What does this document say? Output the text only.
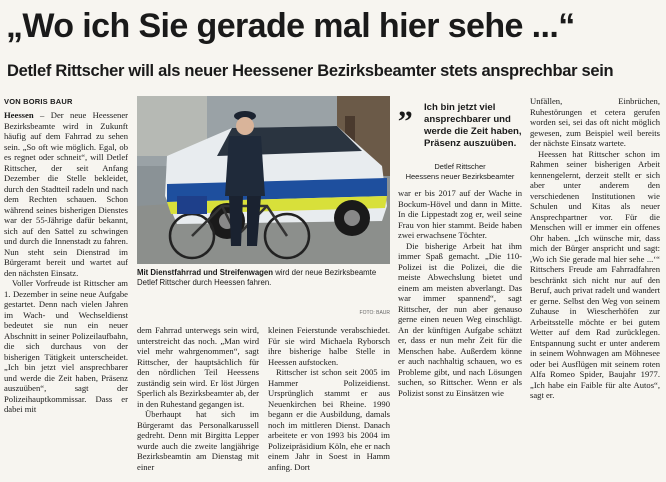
„Wo ich Sie gerade mal hier sehe ...“
Detlef Rittscher will als neuer Heessener Bezirksbeamter stets ansprechbar sein
VON BORIS BAUR

Heessen – Der neue Heessener Bezirksbeamte wird in Zukunft häufig auf dem Fahrrad zu sehen sein. „So oft wie möglich. Egal, ob es regnet oder schneit“, will Detlef Rittscher, der seit Anfang Dezember die Stelle bekleidet, durch den Stadtteil radeln und nach dem Rechten schauen. Schon während seines bisherigen Dienstes war der 55-Jährige dafür bekannt, sich auf den Sattel zu schwingen und durch die Innenstadt zu fahren. Nun steht sein Dienstrad im Bürgeramt bereit und wartet auf den nächsten Einsatz.

Voller Vorfreude ist Rittscher am 1. Dezember in seine neue Aufgabe gestartet. Denn nach vielen Jahren im Wach- und Wechseldienst bedeutet sie nun ein neuer Abschnitt in seiner Polizeilaufbahn, die sich durchaus von der bisherigen Tätigkeit unterscheidet. „Ich bin jetzt viel ansprechbarer und werde die Zeit haben, Präsenz auszuüben“, sagt der Polizeihauptkommissar. Dass er dabei mit

Mit Dienstfahrrad und Streifenwagen wird der neue Bezirksbeamte Detlef Rittscher durch Heessen fahren.
FOTO: BAUR

dem Fahrrad unterwegs sein wird, unterstreicht das noch. „Man wird viel mehr wahrgenommen“, sagt Rittscher, der hauptsächlich für den nördlichen Teil Heessens zuständig sein wird. Er löst Jürgen Sperlich als Bezirksbeamter ab, der in den Ruhestand gegangen ist.

Überhaupt hat sich im Bürgeramt das Personalkarussell gedreht. Denn mit Birgitta Lepper wurde auch die zweite langjährige Bezirksbeamtin am Dienstag mit einer

kleinen Feierstunde verabschiedet. Für sie wird Michaela Ryborsch ihre bisherige halbe Stelle in Heessen aufstocken.

Rittscher ist schon seit 2005 im Hammer Polizeidienst. Ursprünglich stammt er aus Neuenkirchen bei Rheine. 1990 begann er die Ausbildung, damals noch im mittleren Dienst. Danach arbeitete er von 1993 bis 2004 im Polizeipräsidium Köln, ehe er nach einem Jahr in Soest in Hamm anfing. Dort

„ Ich bin jetzt viel ansprechbarer und werde die Zeit haben, Präsenz auszuüben.
Detlef Rittscher
Heessens neuer Bezirksbeamter

war er bis 2017 auf der Wache in Bockum-Hövel und dann in Mitte. In die Lippestadt zog er, weil seine Frau von hier stammt. Beide haben zwei erwachsene Töchter.

Die bisherige Arbeit hat ihm immer Spaß gemacht. „Die 110-Polizei ist die Polizei, die die meiste Abwechslung bietet und einem am meisten abverlangt. Das war immer spannend“, sagt Rittscher, der nun aber genauso gerne einen neuen Weg einschlägt. An der künftigen Aufgabe schätzt er, dass er nun mehr Zeit für die Menschen habe. Außerdem könne er auch nachhaltig schauen, wo es Probleme gibt, und nach Lösungen suchen, so Rittscher. Wenn er als Polizist sonst zu Einsätzen wie

Unfällen, Einbrüchen, Ruhestörungen et cetera gerufen worden sei, sei das oft nicht möglich gewesen, zum Beispiel weil bereits der nächste Einsatz wartete.

Heessen hat Rittscher schon im Rahmen seiner bisherigen Arbeit kennengelernt, derzeit stellt er sich aber unter anderem den verschiedenen Institutionen wie Schulen und Kitas als neuer Ansprechpartner vor. Für die Menschen will er immer ein offenes Ohr haben. „Ich wünsche mir, dass mich der Bürger anspricht und sagt: ,Wo ich Sie gerade mal hier sehe ...‘“ Rittschers Freude am Fahrradfahren beschränkt sich nicht nur auf den Beruf, auch privat radelt und wandert er gerne. Selbst den Weg von seinem Zuhause in Wiescherhöfen zur Arbeitsstelle möchte er bei gutem Wetter auf dem Rad zurücklegen. Entspannung sucht er unter anderem in seinem Wohnwagen am Möhnesee oder bei Ausflügen mit seinem roten Alfa Romeo Spider, Baujahr 1977. „Ich habe ein Faible für alte Autos“, sagt er.
